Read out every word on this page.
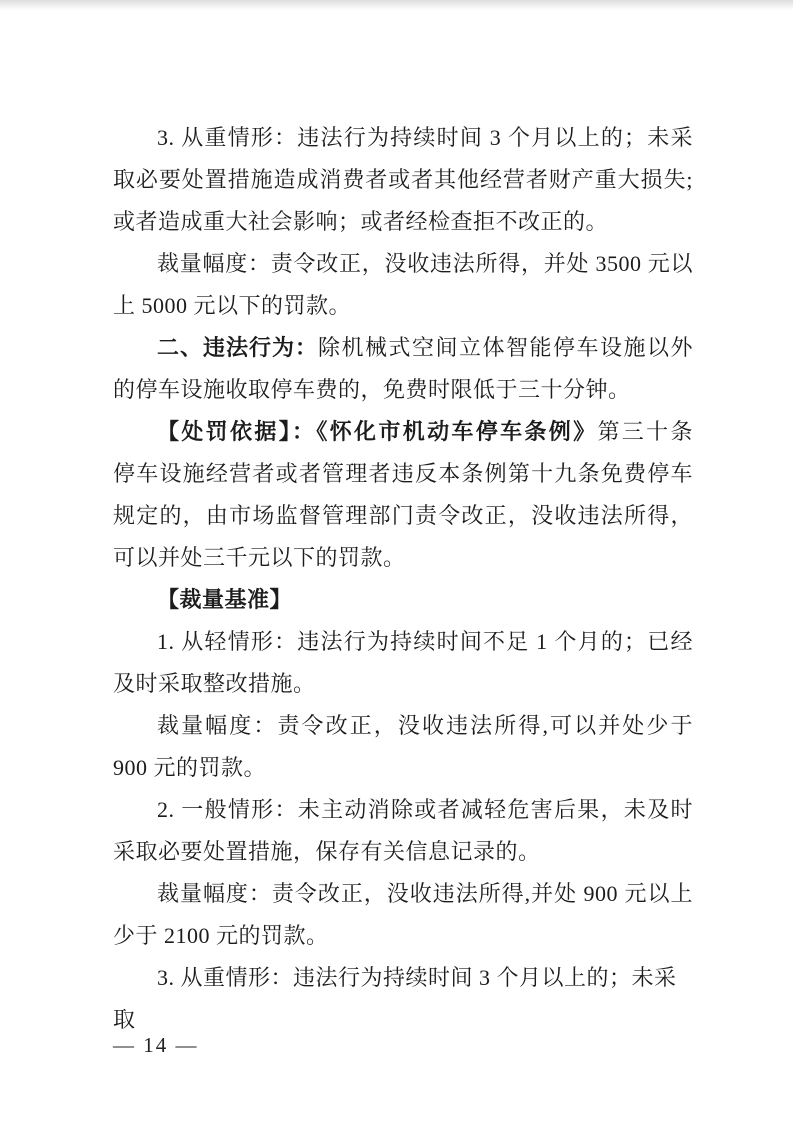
3. 从重情形：违法行为持续时间 3 个月以上的；未采取必要处置措施造成消费者或者其他经营者财产重大损失;或者造成重大社会影响；或者经检查拒不改正的。

裁量幅度：责令改正，没收违法所得，并处 3500 元以上 5000 元以下的罚款。

二、违法行为：除机械式空间立体智能停车设施以外的停车设施收取停车费的，免费时限低于三十分钟。

【处罚依据】：《怀化市机动车停车条例》第三十条　停车设施经营者或者管理者违反本条例第十九条免费停车规定的，由市场监督管理部门责令改正，没收违法所得，可以并处三千元以下的罚款。

【裁量基准】

1. 从轻情形：违法行为持续时间不足 1 个月的；已经及时采取整改措施。

裁量幅度：责令改正，没收违法所得,可以并处少于 900 元的罚款。

2. 一般情形：未主动消除或者减轻危害后果，未及时采取必要处置措施，保存有关信息记录的。

裁量幅度：责令改正，没收违法所得,并处 900 元以上少于 2100 元的罚款。

3. 从重情形：违法行为持续时间 3 个月以上的；未采取

— 14 —
